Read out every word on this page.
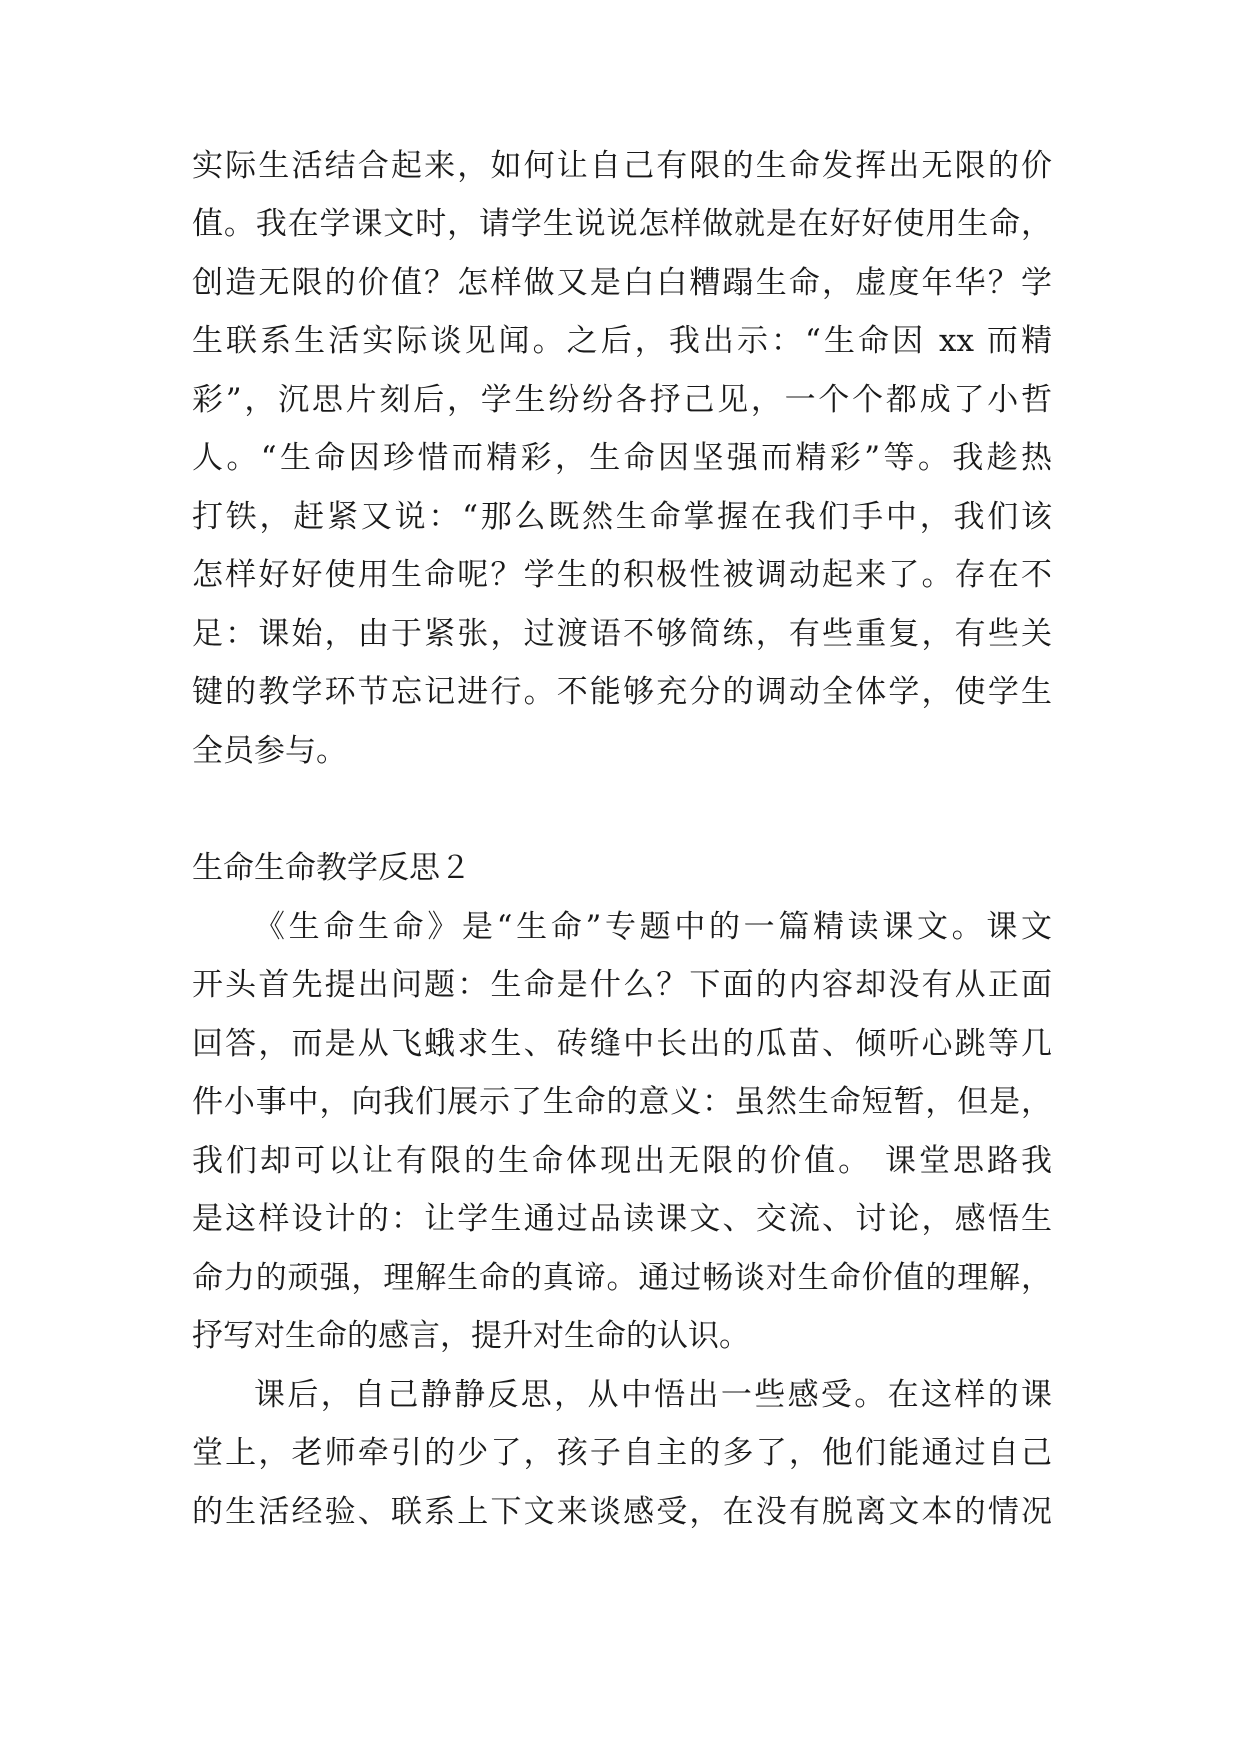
实际生活结合起来，如何让自己有限的生命发挥出无限的价
值。我在学课文时，请学生说说怎样做就是在好好使用生命，
创造无限的价值？怎样做又是白白糟蹋生命，虚度年华？学
生联系生活实际谈见闻。之后，我出示：“生命因 xx 而精
彩”，沉思片刻后，学生纷纷各抒己见，一个个都成了小哲
人。“生命因珍惜而精彩，生命因坚强而精彩”等。我趁热
打铁，赶紧又说：“那么既然生命掌握在我们手中，我们该
怎样好好使用生命呢？学生的积极性被调动起来了。存在不
足：课始，由于紧张，过渡语不够简练，有些重复，有些关
键的教学环节忘记进行。不能够充分的调动全体学，使学生
全员参与。
生命生命教学反思２
《生命生命》是“生命”专题中的一篇精读课文。课文
开头首先提出问题：生命是什么？下面的内容却没有从正面
回答，而是从飞蛾求生、砖缝中长出的瓜苗、倾听心跳等几
件小事中，向我们展示了生命的意义：虽然生命短暂，但是，
我们却可以让有限的生命体现出无限的价值。 课堂思路我
是这样设计的：让学生通过品读课文、交流、讨论，感悟生
命力的顽强，理解生命的真谛。通过畅谈对生命价值的理解，
抒写对生命的感言，提升对生命的认识。
课后，自己静静反思，从中悟出一些感受。在这样的课
堂上，老师牵引的少了，孩子自主的多了，他们能通过自己
的生活经验、联系上下文来谈感受，在没有脱离文本的情况
